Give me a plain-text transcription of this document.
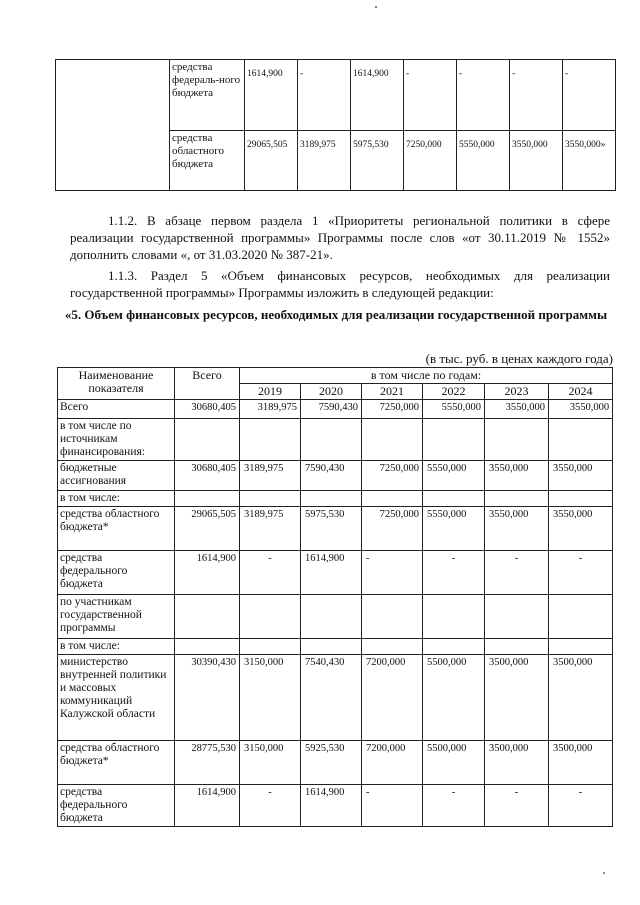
	средства федераль-ного бюджета	1614,900	-	1614,900	-	-	-	-
	средства областного бюджета	29065,505	3189,975	5975,530	7250,000	5550,000	3550,000	3550,000»
1.1.2. В абзаце первом раздела 1 «Приоритеты региональной политики в сфере реализации государственной программы» Программы после слов «от 30.11.2019 № 1552» дополнить словами «, от 31.03.2020 № 387-21».
1.1.3. Раздел 5 «Объем финансовых ресурсов, необходимых для реализации государственной программы» Программы изложить в следующей редакции:
«5. Объем финансовых ресурсов, необходимых для реализации государственной программы
(в тыс. руб. в ценах каждого года)
Наименование показателя	Всего	в том числе по годам:					
		2019	2020	2021	2022	2023	2024
Всего	30680,405	3189,975	7590,430	7250,000	5550,000	3550,000	3550,000
в том числе по источникам финансирования:							
бюджетные ассигнования	30680,405	3189,975	7590,430	7250,000	5550,000	3550,000	3550,000
в том числе:							
средства областного бюджета*	29065,505	3189,975	5975,530	7250,000	5550,000	3550,000	3550,000
средства федерального бюджета	1614,900	-	1614,900	-	-	-	-
по участникам государственной программы							
в том числе:							
министерство внутренней политики и массовых коммуникаций Калужской области	30390,430	3150,000	7540,430	7200,000	5500,000	3500,000	3500,000
средства областного бюджета*	28775,530	3150,000	5925,530	7200,000	5500,000	3500,000	3500,000
средства федерального бюджета	1614,900	-	1614,900	-	-	-	-
